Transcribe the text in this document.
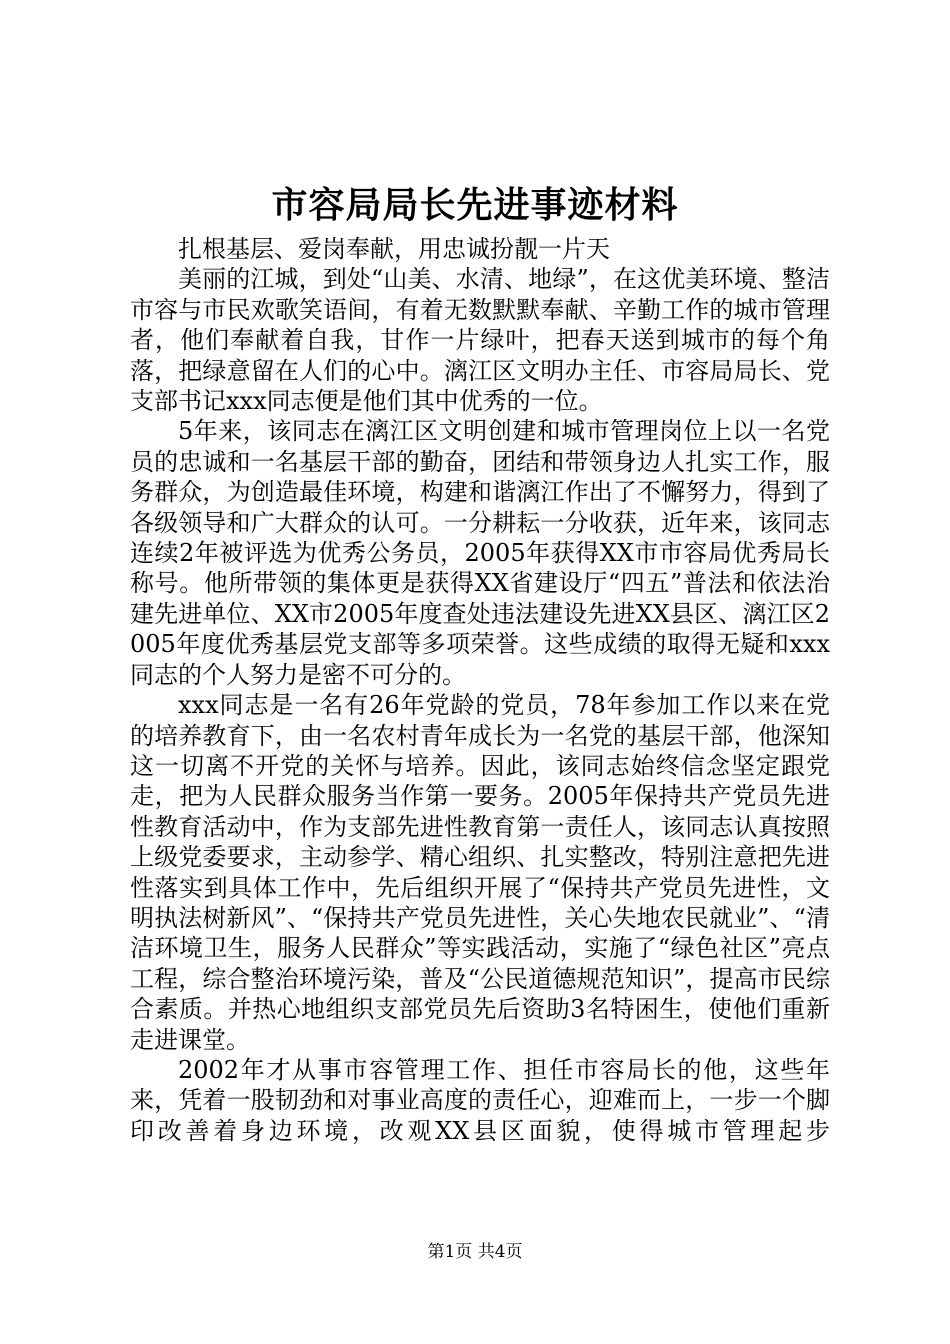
市容局局长先进事迹材料

扎根基层、爱岗奉献，用忠诚扮靓一片天

美丽的江城，到处“山美、水清、地绿”，在这优美环境、整洁市容与市民欢歌笑语间，有着无数默默奉献、辛勤工作的城市管理者，他们奉献着自我，甘作一片绿叶，把春天送到城市的每个角落，把绿意留在人们的心中。漓江区文明办主任、市容局局长、党支部书记xxx同志便是他们其中优秀的一位。

5年来，该同志在漓江区文明创建和城市管理岗位上以一名党员的忠诚和一名基层干部的勤奋，团结和带领身边人扎实工作，服务群众，为创造最佳环境，构建和谐漓江作出了不懈努力，得到了各级领导和广大群众的认可。一分耕耘一分收获，近年来，该同志连续2年被评选为优秀公务员，2005年获得XX市市容局优秀局长称号。他所带领的集体更是获得XX省建设厅“四五”普法和依法治建先进单位、XX市2005年度查处违法建设先进XX县区、漓江区2005年度优秀基层党支部等多项荣誉。这些成绩的取得无疑和xxx同志的个人努力是密不可分的。

xxx同志是一名有26年党龄的党员，78年参加工作以来在党的培养教育下，由一名农村青年成长为一名党的基层干部，他深知这一切离不开党的关怀与培养。因此，该同志始终信念坚定跟党走，把为人民群众服务当作第一要务。2005年保持共产党员先进性教育活动中，作为支部先进性教育第一责任人，该同志认真按照上级党委要求，主动参学、精心组织、扎实整改，特别注意把先进性落实到具体工作中，先后组织开展了“保持共产党员先进性，文明执法树新风”、“保持共产党员先进性，关心失地农民就业”、“清洁环境卫生，服务人民群众”等实践活动，实施了“绿色社区”亮点工程，综合整治环境污染，普及“公民道德规范知识”，提高市民综合素质。并热心地组织支部党员先后资助3名特困生，使他们重新走进课堂。

2002年才从事市容管理工作、担任市容局长的他，这些年来，凭着一股韧劲和对事业高度的责任心，迎难而上，一步一个脚印改善着身边环境，改观XX县区面貌，使得城市管理起步

第1页 共4页
